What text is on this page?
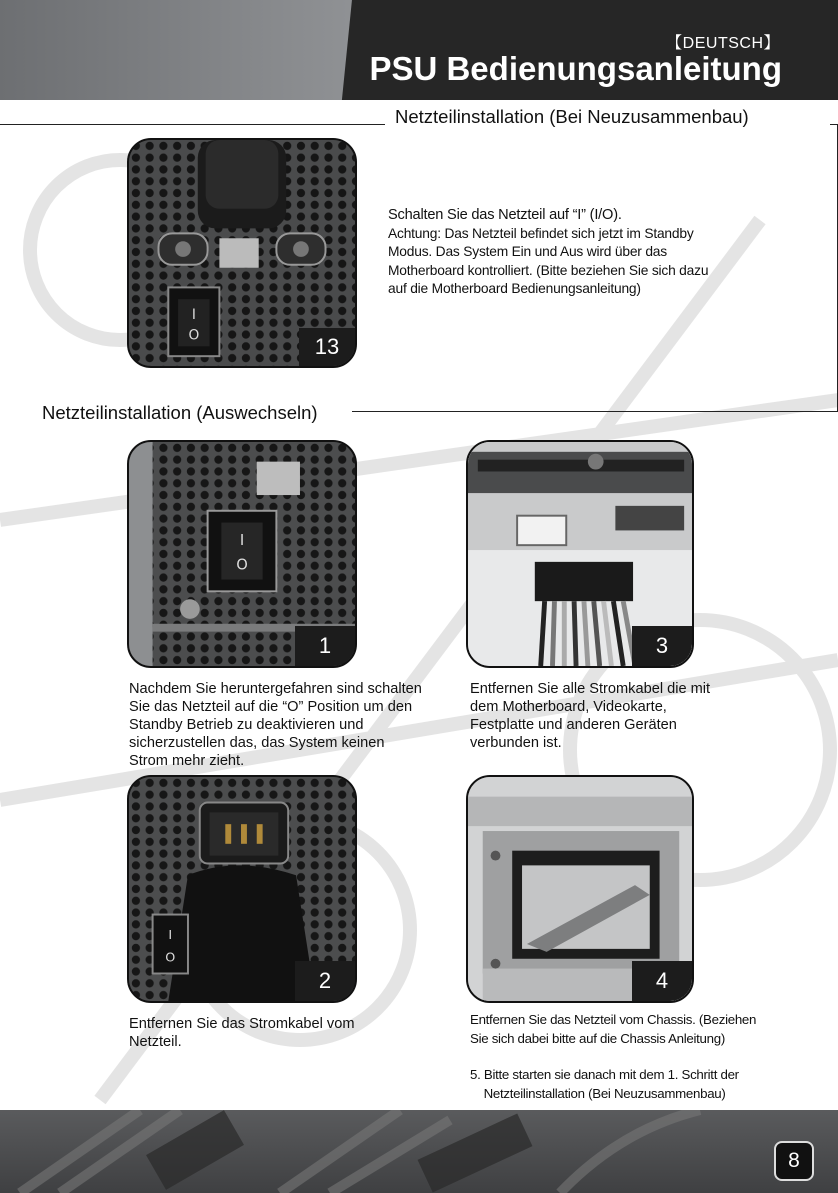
【DEUTSCH】
PSU Bedienungsanleitung
Netzteilinstallation (Bei Neuzusammenbau)
I
O	13

Schalten Sie das Netzteil auf “I” (I/O).

Achtung: Das Netzteil befindet sich jetzt im Standby

Modus. Das System Ein und Aus wird über das

Motherboard kontrolliert. (Bitte beziehen Sie sich dazu

auf die Motherboard Bedienungsanleitung)

Netzteilinstallation (Auswechseln)
I
O
1

Nachdem Sie heruntergefahren sind schalten

Sie das Netzteil auf die “O” Position um den

Standby Betrieb zu deaktivieren und

sicherzustellen das, das System keinen

Strom mehr zieht.

3

Entfernen Sie alle Stromkabel die mit

dem Motherboard, Videokarte,

Festplatte und anderen Geräten

verbunden ist.

I
O
2

Entfernen Sie das Stromkabel vom

Netzteil.

4

Entfernen Sie das Netzteil vom Chassis. (Beziehen

Sie sich dabei bitte auf die Chassis Anleitung)

5. Bitte starten sie danach mit dem 1. Schritt der

Netzteilinstallation (Bei Neuzusammenbau)

8
